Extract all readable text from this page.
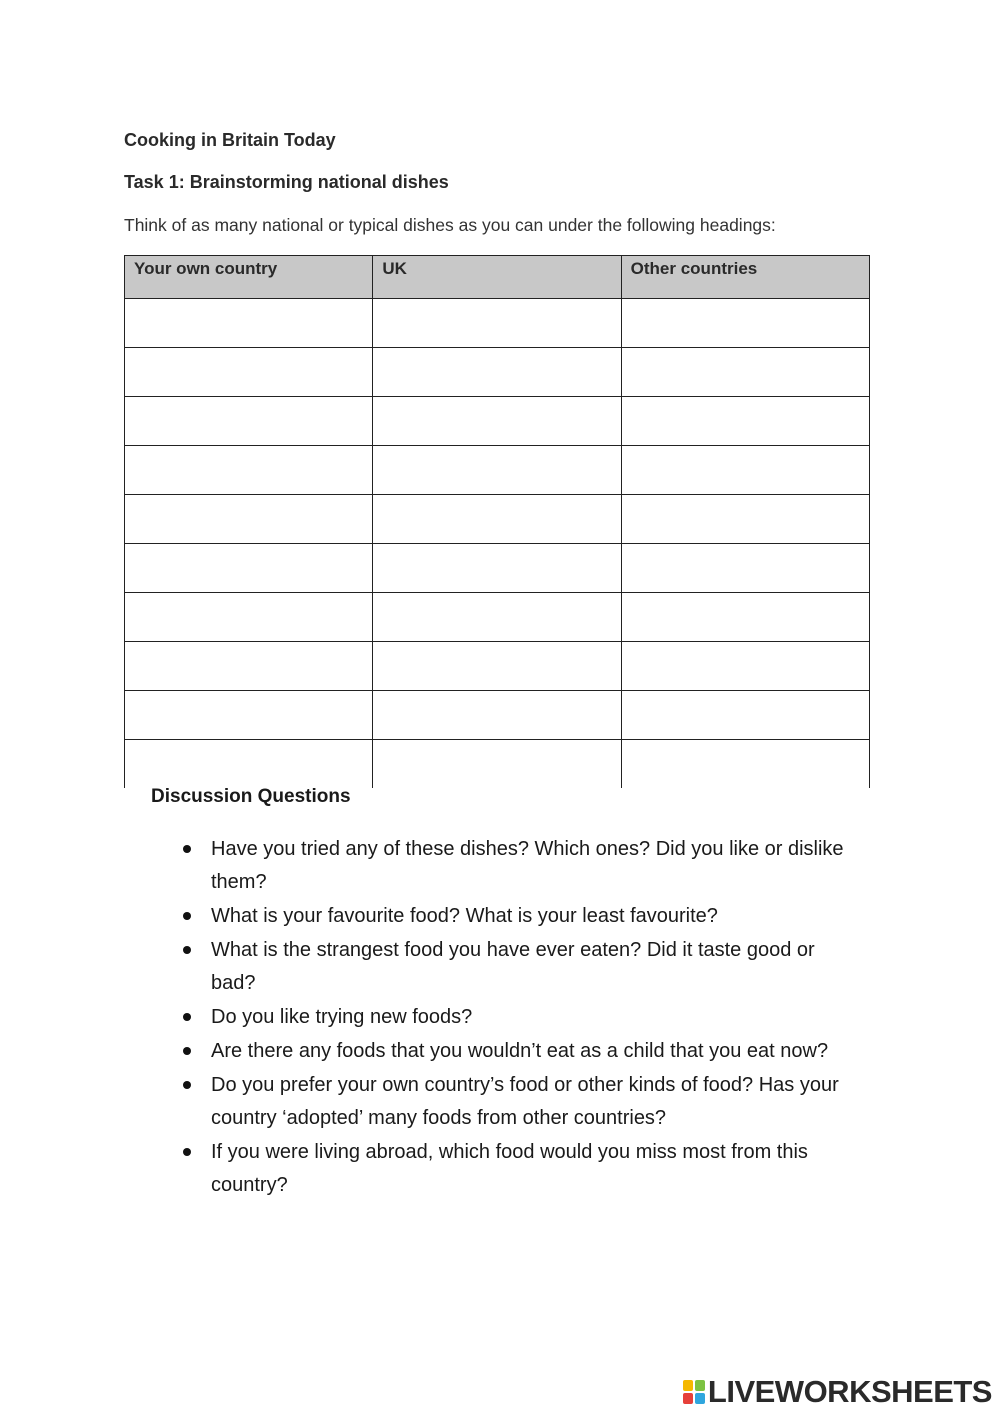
Cooking in Britain Today
Task 1: Brainstorming national dishes
Think of as many national or typical dishes as you can under the following headings:
Your own country	UK	Other countries

Discussion Questions
Have you tried any of these dishes? Which ones? Did you like or dislike them?
What is your favourite food? What is your least favourite?
What is the strangest food you have ever eaten? Did it taste good or bad?
Do you like trying new foods?
Are there any foods that you wouldn’t eat as a child that you eat now?
Do you prefer your own country’s food or other kinds of food? Has your country ‘adopted’ many foods from other countries?
If you were living abroad, which food would you miss most from this country?
LIVEWORKSHEETS
